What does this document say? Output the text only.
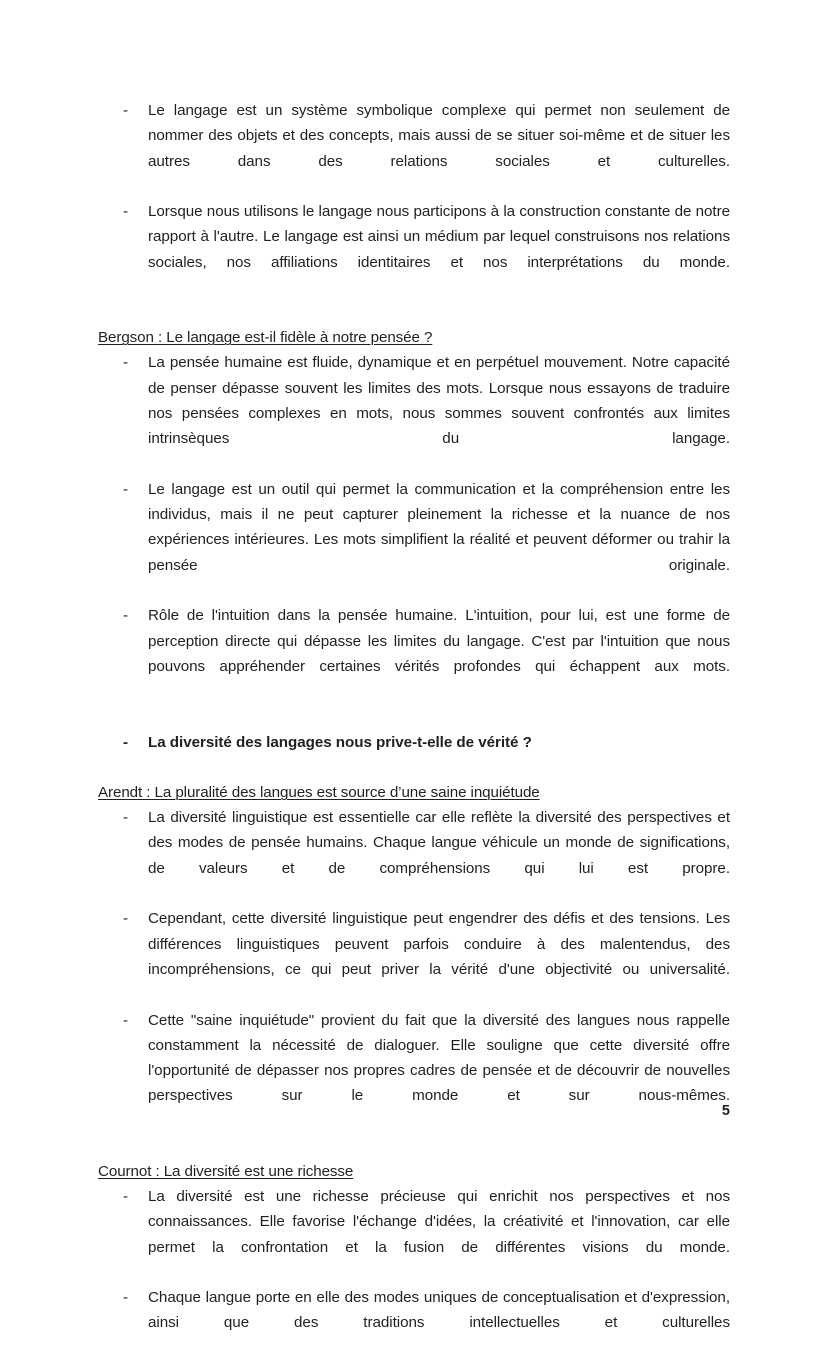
- Le langage est un système symbolique complexe qui permet non seulement de nommer des objets et des concepts, mais aussi de se situer soi-même et de situer les autres dans des relations sociales et culturelles.
- Lorsque nous utilisons le langage nous participons à la construction constante de notre rapport à l'autre. Le langage est ainsi un médium par lequel construisons nos relations sociales, nos affiliations identitaires et nos interprétations du monde.
Bergson : Le langage est-il fidèle à notre pensée ?
- La pensée humaine est fluide, dynamique et en perpétuel mouvement. Notre capacité de penser dépasse souvent les limites des mots. Lorsque nous essayons de traduire nos pensées complexes en mots, nous sommes souvent confrontés aux limites intrinsèques du langage.
- Le langage est un outil qui permet la communication et la compréhension entre les individus, mais il ne peut capturer pleinement la richesse et la nuance de nos expériences intérieures. Les mots simplifient la réalité et peuvent déformer ou trahir la pensée originale.
- Rôle de l'intuition dans la pensée humaine. L'intuition, pour lui, est une forme de perception directe qui dépasse les limites du langage. C'est par l'intuition que nous pouvons appréhender certaines vérités profondes qui échappent aux mots.
- La diversité des langages nous prive-t-elle de vérité ?
Arendt : La pluralité des langues est source d’une saine inquiétude
- La diversité linguistique est essentielle car elle reflète la diversité des perspectives et des modes de pensée humains. Chaque langue véhicule un monde de significations, de valeurs et de compréhensions qui lui est propre.
- Cependant, cette diversité linguistique peut engendrer des défis et des tensions. Les différences linguistiques peuvent parfois conduire à des malentendus, des incompréhensions, ce qui peut priver la vérité d'une objectivité ou universalité.
- Cette "saine inquiétude" provient du fait que la diversité des langues nous rappelle constamment la nécessité de dialoguer. Elle souligne que cette diversité offre l'opportunité de dépasser nos propres cadres de pensée et de découvrir de nouvelles perspectives sur le monde et sur nous-mêmes.
Cournot : La diversité est une richesse
- La diversité est une richesse précieuse qui enrichit nos perspectives et nos connaissances. Elle favorise l'échange d'idées, la créativité et l'innovation, car elle permet la confrontation et la fusion de différentes visions du monde.
- Chaque langue porte en elle des modes uniques de conceptualisation et d'expression, ainsi que des traditions intellectuelles et culturelles
5
